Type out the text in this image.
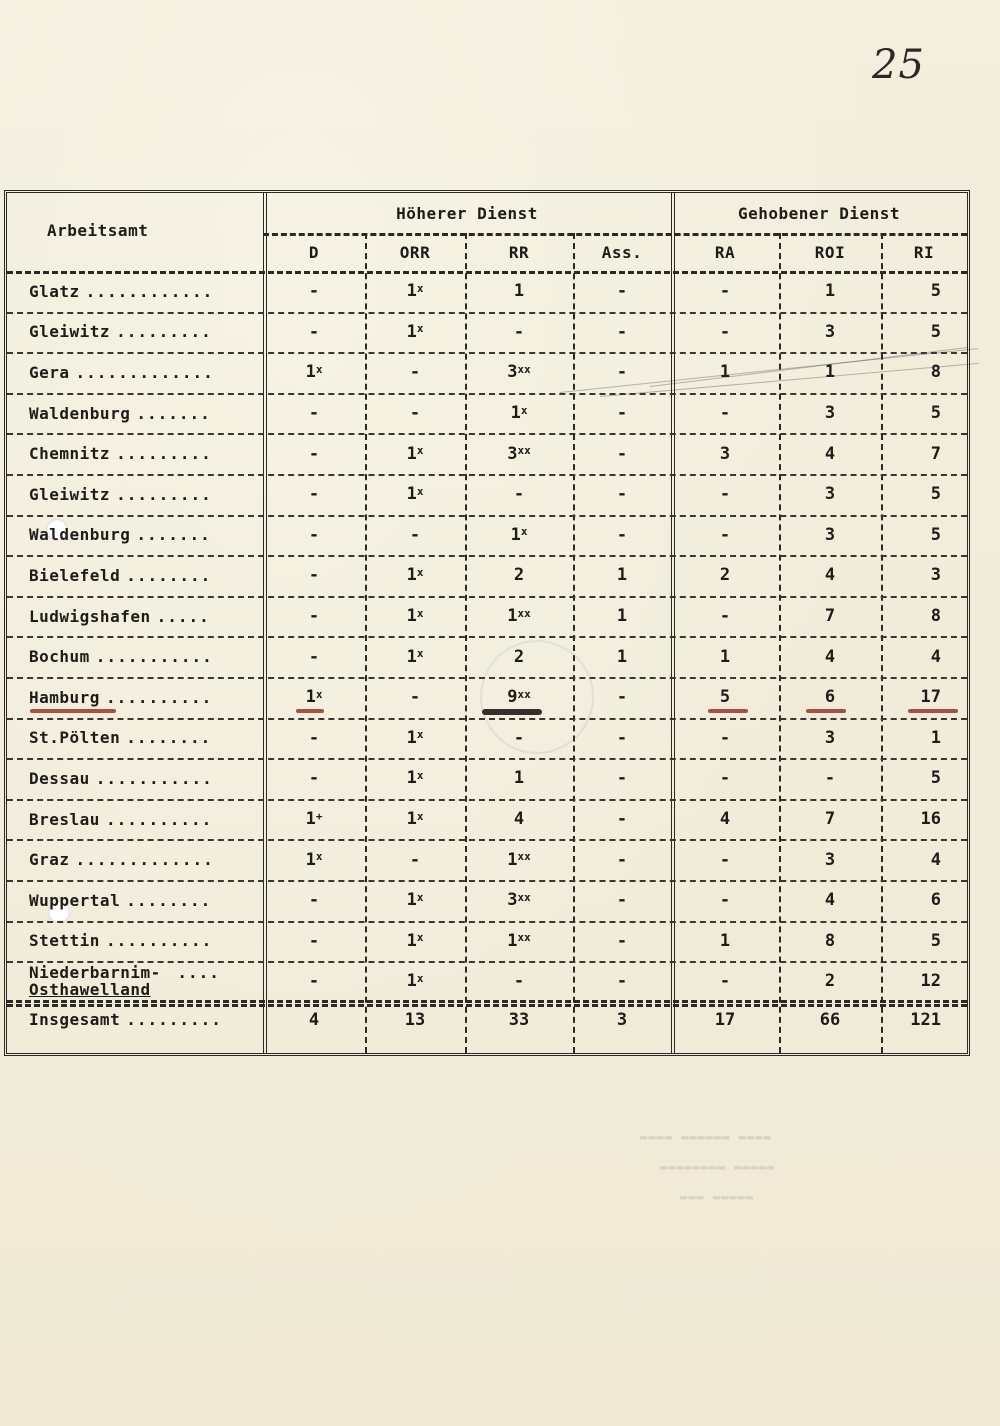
25
Arbeitsamt
Höherer Dienst	Gehobener Dienst
D	ORR	RR	Ass.	RA	ROI	RI
Glatz ............	-	1$^x$	1	-	-	1	5
Gleiwitz .........	-	1$^x$	-	-	-	3	5
Gera .............	1$^x$	-	3$^{xx}$	-	1	1	8
Waldenburg .......	-	-	1$^x$	-	-	3	5
Chemnitz .........	-	1$^x$	3$^{xx}$	-	3	4	7
Gleiwitz .........	-	1$^x$	-	-	-	3	5
Waldenburg .......	-	-	1$^x$	-	-	3	5
Bielefeld ........	-	1$^x$	2	1	2	4	3
Ludwigshafen .....	-	1$^x$	1$^{xx}$	1	-	7	8
Bochum ...........	-	1$^x$	2	1	1	4	4
Hamburg ..........	1$^x$	-	9$^{xx}$	-	5	6	17
St.Pölten ........	-	1$^x$	-	-	-	3	1
Dessau ...........	-	1$^x$	1	-	-	-	5
Breslau ..........	1+	1$^x$	4	-	4	7	16
Graz .............	1$^x$	-	1$^{xx}$	-	-	3	4
Wuppertal ........	-	1$^x$	3$^{xx}$	-	-	4	6
Stettin ..........	-	1$^x$	1$^{xx}$	-	1	8	5
Niederbarnim- ....
Osthawelland	-	1$^x$	-	-	-	2	12
Insgesamt .........	4	13	33	3	17	66	121
▬▬▬▬ ▬▬▬▬▬▬ ▬▬▬▬
▬▬▬▬▬▬▬▬ ▬▬▬▬▬
▬▬▬ ▬▬▬▬▬
